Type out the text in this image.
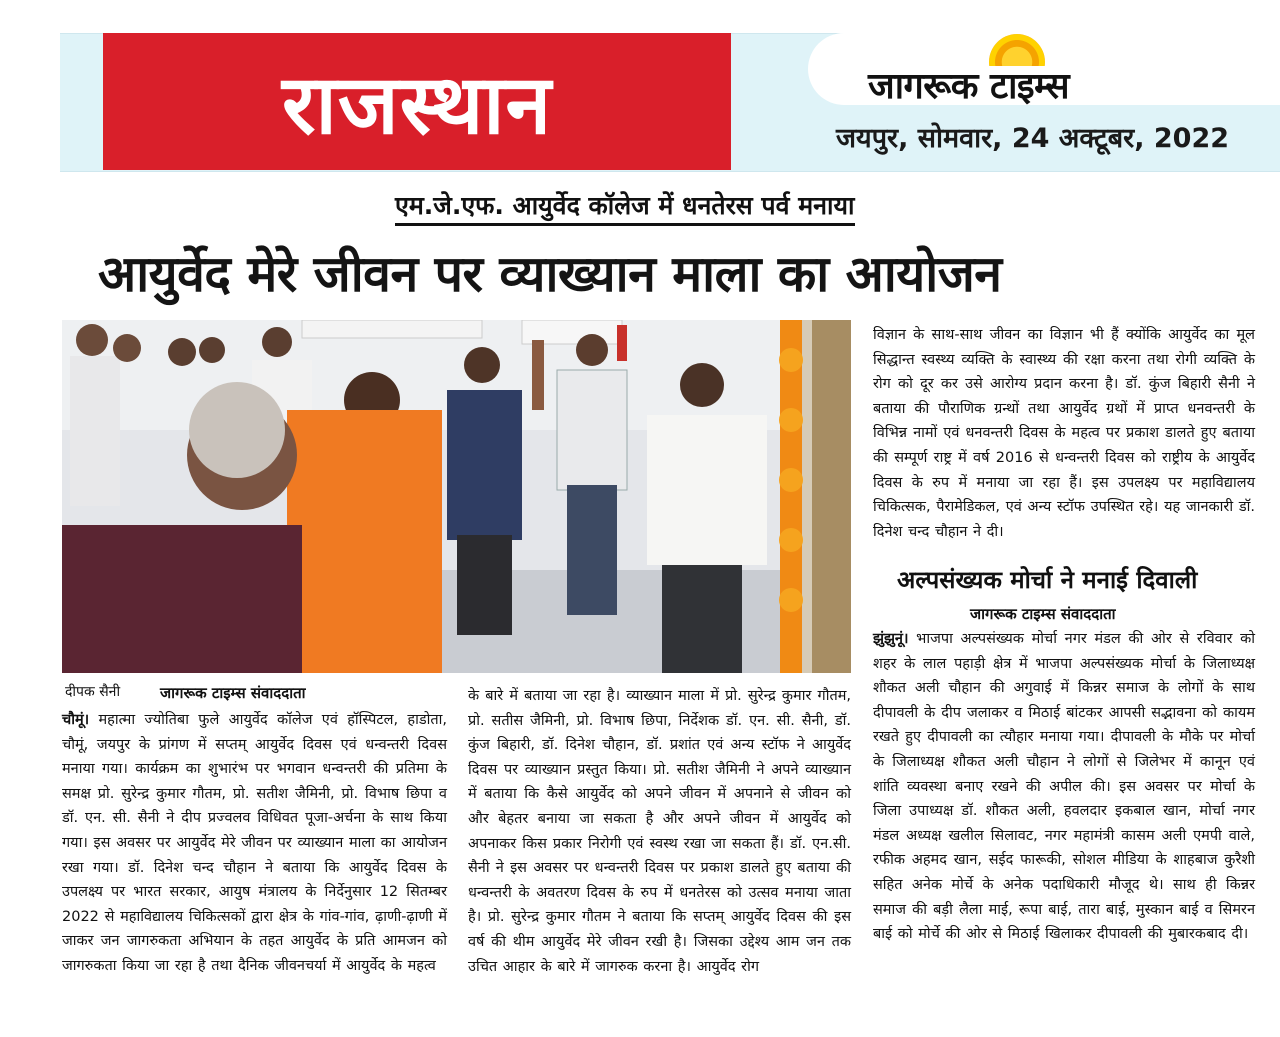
राजस्थान	जागरूक टाइम्स
जयपुर, सोमवार, 24 अक्टूबर, 2022
एम.जे.एफ. आयुर्वेद कॉलेज में धनतेरस पर्व मनाया
आयुर्वेद मेरे जीवन पर व्याख्यान माला का आयोजन
दीपक सैनी	जागरूक टाइम्स संवाददाता

चौमूं। महात्मा ज्योतिबा फुले आयुर्वेद कॉलेज एवं हॉस्पिटल, हाडोता, चौमूं, जयपुर के प्रांगण में सप्तम् आयुर्वेद दिवस एवं धन्वन्तरी दिवस मनाया गया। कार्यक्रम का शुभारंभ पर भगवान धन्वन्तरी की प्रतिमा के समक्ष प्रो. सुरेन्द्र कुमार गौतम, प्रो. सतीश जैमिनी, प्रो. विभाष छिपा व डॉ. एन. सी. सैनी ने दीप प्रज्वलव विधिवत पूजा-अर्चना के साथ किया गया। इस अवसर पर आयुर्वेद मेरे जीवन पर व्याख्यान माला का आयोजन रखा गया। डॉ. दिनेश चन्द चौहान ने बताया कि आयुर्वेद दिवस के उपलक्ष्य पर भारत सरकार, आयुष मंत्रालय के निर्देनुसार 12 सितम्बर 2022 से महाविद्यालय चिकित्सकों द्वारा क्षेत्र के गांव-गांव, ढ़ाणी-ढ़ाणी में जाकर जन जागरुकता अभियान के तहत आयुर्वेद के प्रति आमजन को जागरुकता किया जा रहा है तथा दैनिक जीवनचर्या में आयुर्वेद के महत्व

के बारे में बताया जा रहा है। व्याख्यान माला में प्रो. सुरेन्द्र कुमार गौतम, प्रो. सतीस जैमिनी, प्रो. विभाष छिपा, निर्देशक डॉ. एन. सी. सैनी, डॉ. कुंज बिहारी, डॉ. दिनेश चौहान, डॉ. प्रशांत एवं अन्य स्टॉफ ने आयुर्वेद दिवस पर व्याख्यान प्रस्तुत किया। प्रो. सतीश जैमिनी ने अपने व्याख्यान में बताया कि कैसे आयुर्वेद को अपने जीवन में अपनाने से जीवन को और बेहतर बनाया जा सकता है और अपने जीवन में आयुर्वेद को अपनाकर किस प्रकार निरोगी एवं स्वस्थ रखा जा सकता हैं। डॉ. एन.सी. सैनी ने इस अवसर पर धन्वन्तरी दिवस पर प्रकाश डालते हुए बताया की धन्वन्तरी के अवतरण दिवस के रुप में धनतेरस को उत्सव मनाया जाता है। प्रो. सुरेन्द्र कुमार गौतम ने बताया कि सप्तम् आयुर्वेद दिवस की इस वर्ष की थीम आयुर्वेद मेरे जीवन रखी है। जिसका उद्देश्य आम जन तक उचित आहार के बारे में जागरुक करना है। आयुर्वेद रोग

विज्ञान के साथ-साथ जीवन का विज्ञान भी हैं क्योंकि आयुर्वेद का मूल सिद्धान्त स्वस्थ्य व्यक्ति के स्वास्थ्य की रक्षा करना तथा रोगी व्यक्ति के रोग को दूर कर उसे आरोग्य प्रदान करना है। डॉ. कुंज बिहारी सैनी ने बताया की पौराणिक ग्रन्थों तथा आयुर्वेद ग्रथों में प्राप्त धनवन्तरी के विभिन्न नामों एवं धनवन्तरी दिवस के महत्व पर प्रकाश डालते हुए बताया की सम्पूर्ण राष्ट्र में वर्ष 2016 से धन्वन्तरी दिवस को राष्ट्रीय के आयुर्वेद दिवस के रुप में मनाया जा रहा हैं। इस उपलक्ष्य पर महाविद्यालय चिकित्सक, पैरामेडिकल, एवं अन्य स्टॉफ उपस्थित रहे। यह जानकारी डॉ. दिनेश चन्द चौहान ने दी।

अल्पसंख्यक मोर्चा ने मनाई दिवाली
जागरूक टाइम्स संवाददाता

झुंझुनूं। भाजपा अल्पसंख्यक मोर्चा नगर मंडल की ओर से रविवार को शहर के लाल पहाड़ी क्षेत्र में भाजपा अल्पसंख्यक मोर्चा के जिलाध्यक्ष शौकत अली चौहान की अगुवाई में किन्नर समाज के लोगों के साथ दीपावली के दीप जलाकर व मिठाई बांटकर आपसी सद्भावना को कायम रखते हुए दीपावली का त्यौहार मनाया गया। दीपावली के मौके पर मोर्चा के जिलाध्यक्ष शौकत अली चौहान ने लोगों से जिलेभर में कानून एवं शांति व्यवस्था बनाए रखने की अपील की। इस अवसर पर मोर्चा के जिला उपाध्यक्ष डॉ. शौकत अली, हवलदार इकबाल खान, मोर्चा नगर मंडल अध्यक्ष खलील सिलावट, नगर महामंत्री कासम अली एमपी वाले, रफीक अहमद खान, सईद फारूकी, सोशल मीडिया के शाहबाज कुरैशी सहित अनेक मोर्चे के अनेक पदाधिकारी मौजूद थे। साथ ही किन्नर समाज की बड़ी लैला माई, रूपा बाई, तारा बाई, मुस्कान बाई व सिमरन बाई को मोर्चे की ओर से मिठाई खिलाकर दीपावली की मुबारकबाद दी।
